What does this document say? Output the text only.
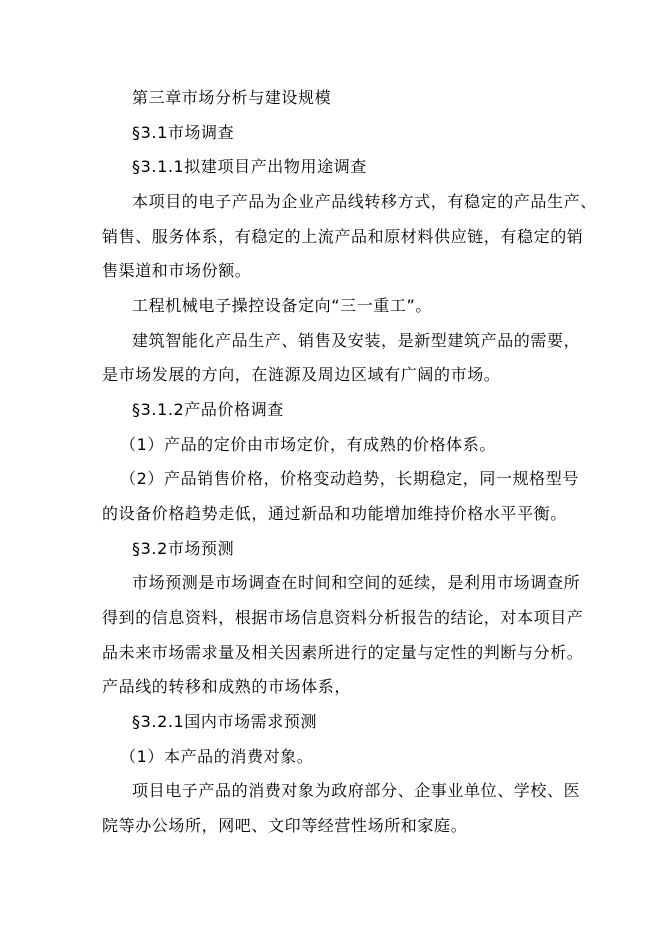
第三章市场分析与建设规模
§3.1市场调查
§3.1.1拟建项目产出物用途调查
本项目的电子产品为企业产品线转移方式，有稳定的产品生产、
销售、服务体系，有稳定的上流产品和原材料供应链，有稳定的销
售渠道和市场份额。
工程机械电子操控设备定向“三一重工”。
建筑智能化产品生产、销售及安装，是新型建筑产品的需要，
是市场发展的方向，在涟源及周边区域有广阔的市场。
§3.1.2产品价格调查
（1）产品的定价由市场定价，有成熟的价格体系。
（2）产品销售价格，价格变动趋势，长期稳定，同一规格型号
的设备价格趋势走低，通过新品和功能增加维持价格水平平衡。
§3.2市场预测
市场预测是市场调查在时间和空间的延续，是利用市场调查所
得到的信息资料，根据市场信息资料分析报告的结论，对本项目产
品未来市场需求量及相关因素所进行的定量与定性的判断与分析。
产品线的转移和成熟的市场体系，
§3.2.1国内市场需求预测
（1）本产品的消费对象。
项目电子产品的消费对象为政府部分、企事业单位、学校、医
院等办公场所，网吧、文印等经营性场所和家庭。
